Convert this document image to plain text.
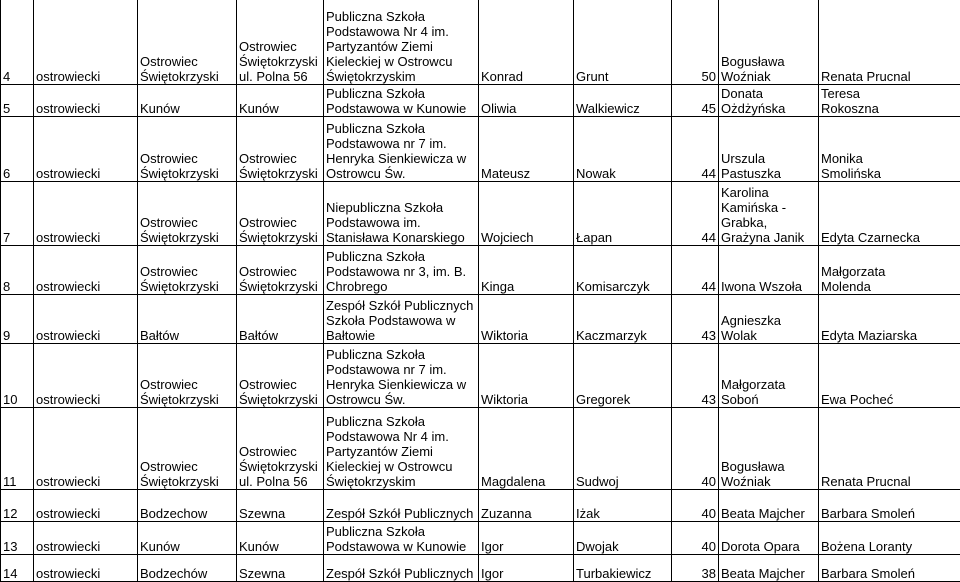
4	ostrowiecki	Ostrowiec
Świętokrzyski	Ostrowiec
Świętokrzyski
ul. Polna 56	Publiczna Szkoła
Podstawowa Nr 4 im.
Partyzantów Ziemi
Kieleckiej w Ostrowcu
Świętokrzyskim	Konrad	Grunt	50	Bogusława
Woźniak	Renata Prucnal
5	ostrowiecki	Kunów	Kunów	Publiczna Szkoła
Podstawowa w Kunowie	Oliwia	Walkiewicz	45	Donata
Ożdżyńska	Teresa
Rokoszna
6	ostrowiecki	Ostrowiec
Świętokrzyski	Ostrowiec
Świętokrzyski	Publiczna Szkoła
Podstawowa nr 7 im.
Henryka Sienkiewicza w
Ostrowcu Św.	Mateusz	Nowak	44	Urszula
Pastuszka	Monika
Smolińska
7	ostrowiecki	Ostrowiec
Świętokrzyski	Ostrowiec
Świętokrzyski	Niepubliczna Szkoła
Podstawowa im.
Stanisława Konarskiego	Wojciech	Łapan	44	Karolina
Kamińska -
Grabka,
Grażyna Janik	Edyta Czarnecka
8	ostrowiecki	Ostrowiec
Świętokrzyski	Ostrowiec
Świętokrzyski	Publiczna Szkoła
Podstawowa nr 3, im. B.
Chrobrego	Kinga	Komisarczyk	44	Iwona Wszoła	Małgorzata
Molenda
9	ostrowiecki	Bałtów	Bałtów	Zespół Szkół Publicznych
Szkoła Podstawowa w
Bałtowie	Wiktoria	Kaczmarzyk	43	Agnieszka
Wolak	Edyta Maziarska
10	ostrowiecki	Ostrowiec
Świętokrzyski	Ostrowiec
Świętokrzyski	Publiczna Szkoła
Podstawowa nr 7 im.
Henryka Sienkiewicza w
Ostrowcu Św.	Wiktoria	Gregorek	43	Małgorzata
Soboń	Ewa Pocheć
11	ostrowiecki	Ostrowiec
Świętokrzyski	Ostrowiec
Świętokrzyski
ul. Polna 56	Publiczna Szkoła
Podstawowa Nr 4 im.
Partyzantów Ziemi
Kieleckiej w Ostrowcu
Świętokrzyskim	Magdalena	Sudwoj	40	Bogusława
Woźniak	Renata Prucnal
12	ostrowiecki	Bodzechow	Szewna	Zespół Szkół Publicznych	Zuzanna	Iżak	40	Beata Majcher	Barbara Smoleń
13	ostrowiecki	Kunów	Kunów	Publiczna Szkoła
Podstawowa w Kunowie	Igor	Dwojak	40	Dorota Opara	Bożena Loranty
14	ostrowiecki	Bodzechów	Szewna	Zespół Szkół Publicznych	Igor	Turbakiewicz	38	Beata Majcher	Barbara Smoleń
